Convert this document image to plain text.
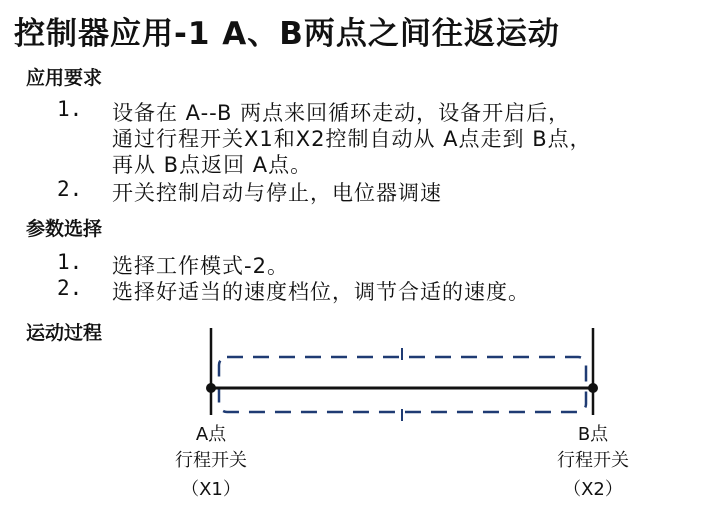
控制器应用-1 A、B两点之间往返运动
应用要求
1. 设备在 A--B 两点来回循环走动，设备开启后，
通过行程开关X1和X2控制自动从 A点走到 B点，
再从 B点返回 A点。
2. 开关控制启动与停止，电位器调速
参数选择
1. 选择工作模式-2。
2. 选择好适当的速度档位，调节合适的速度。
运动过程
A点
行程开关
（X1）
B点
行程开关
（X2）
